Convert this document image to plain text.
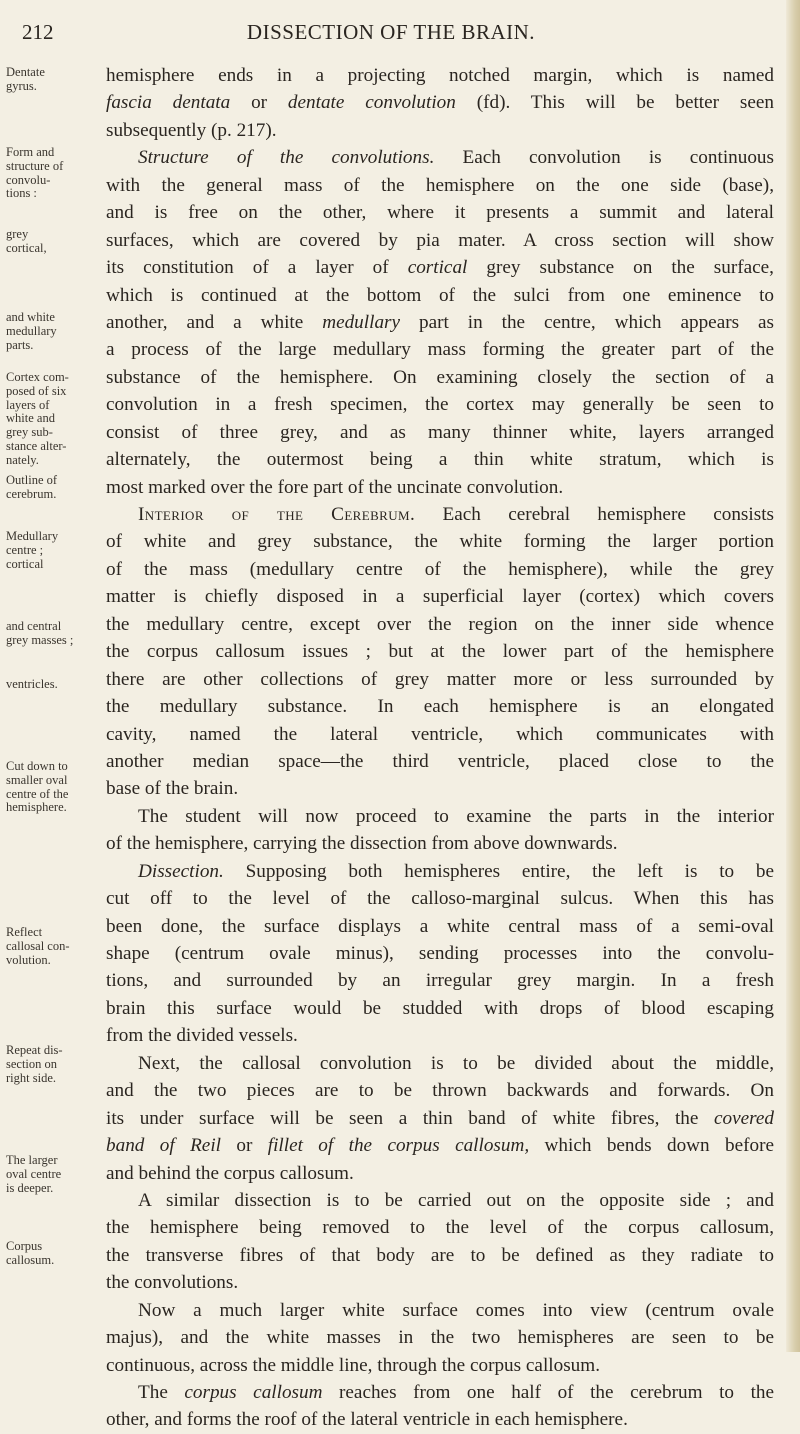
212	DISSECTION OF THE BRAIN.
Dentate
gyrus.
Form and
structure of
convolu-
tions :
grey
cortical,
and white
medullary
parts.
Cortex com-
posed of six
layers of
white and
grey sub-
stance alter-
nately.
Outline of
cerebrum.
Medullary
centre ;
cortical
and central
grey masses ;
ventricles.
Cut down to
smaller oval
centre of the
hemisphere.
Reflect
callosal con-
volution.
Repeat dis-
section on
right side.
The larger
oval centre
is deeper.
Corpus
callosum.
hemisphere ends in a projecting notched margin, which is named
fascia dentata or dentate convolution (fd). This will be better seen
subsequently (p. 217).
Structure of the convolutions. Each convolution is continuous
with the general mass of the hemisphere on the one side (base),
and is free on the other, where it presents a summit and lateral
surfaces, which are covered by pia mater. A cross section will show
its constitution of a layer of cortical grey substance on the surface,
which is continued at the bottom of the sulci from one eminence to
another, and a white medullary part in the centre, which appears as
a process of the large medullary mass forming the greater part of the
substance of the hemisphere. On examining closely the section of a
convolution in a fresh specimen, the cortex may generally be seen to
consist of three grey, and as many thinner white, layers arranged
alternately, the outermost being a thin white stratum, which is
most marked over the fore part of the uncinate convolution.
Interior of the Cerebrum. Each cerebral hemisphere consists
of white and grey substance, the white forming the larger portion
of the mass (medullary centre of the hemisphere), while the grey
matter is chiefly disposed in a superficial layer (cortex) which covers
the medullary centre, except over the region on the inner side whence
the corpus callosum issues ; but at the lower part of the hemisphere
there are other collections of grey matter more or less surrounded by
the medullary substance. In each hemisphere is an elongated
cavity, named the lateral ventricle, which communicates with
another median space—the third ventricle, placed close to the
base of the brain.
The student will now proceed to examine the parts in the interior
of the hemisphere, carrying the dissection from above downwards.
Dissection. Supposing both hemispheres entire, the left is to be
cut off to the level of the calloso-marginal sulcus. When this has
been done, the surface displays a white central mass of a semi-oval
shape (centrum ovale minus), sending processes into the convolu-
tions, and surrounded by an irregular grey margin. In a fresh
brain this surface would be studded with drops of blood escaping
from the divided vessels.
Next, the callosal convolution is to be divided about the middle,
and the two pieces are to be thrown backwards and forwards. On
its under surface will be seen a thin band of white fibres, the covered
band of Reil or fillet of the corpus callosum, which bends down before
and behind the corpus callosum.
A similar dissection is to be carried out on the opposite side ; and
the hemisphere being removed to the level of the corpus callosum,
the transverse fibres of that body are to be defined as they radiate to
the convolutions.
Now a much larger white surface comes into view (centrum ovale
majus), and the white masses in the two hemispheres are seen to be
continuous, across the middle line, through the corpus callosum.
The corpus callosum reaches from one half of the cerebrum to the
other, and forms the roof of the lateral ventricle in each hemisphere.
